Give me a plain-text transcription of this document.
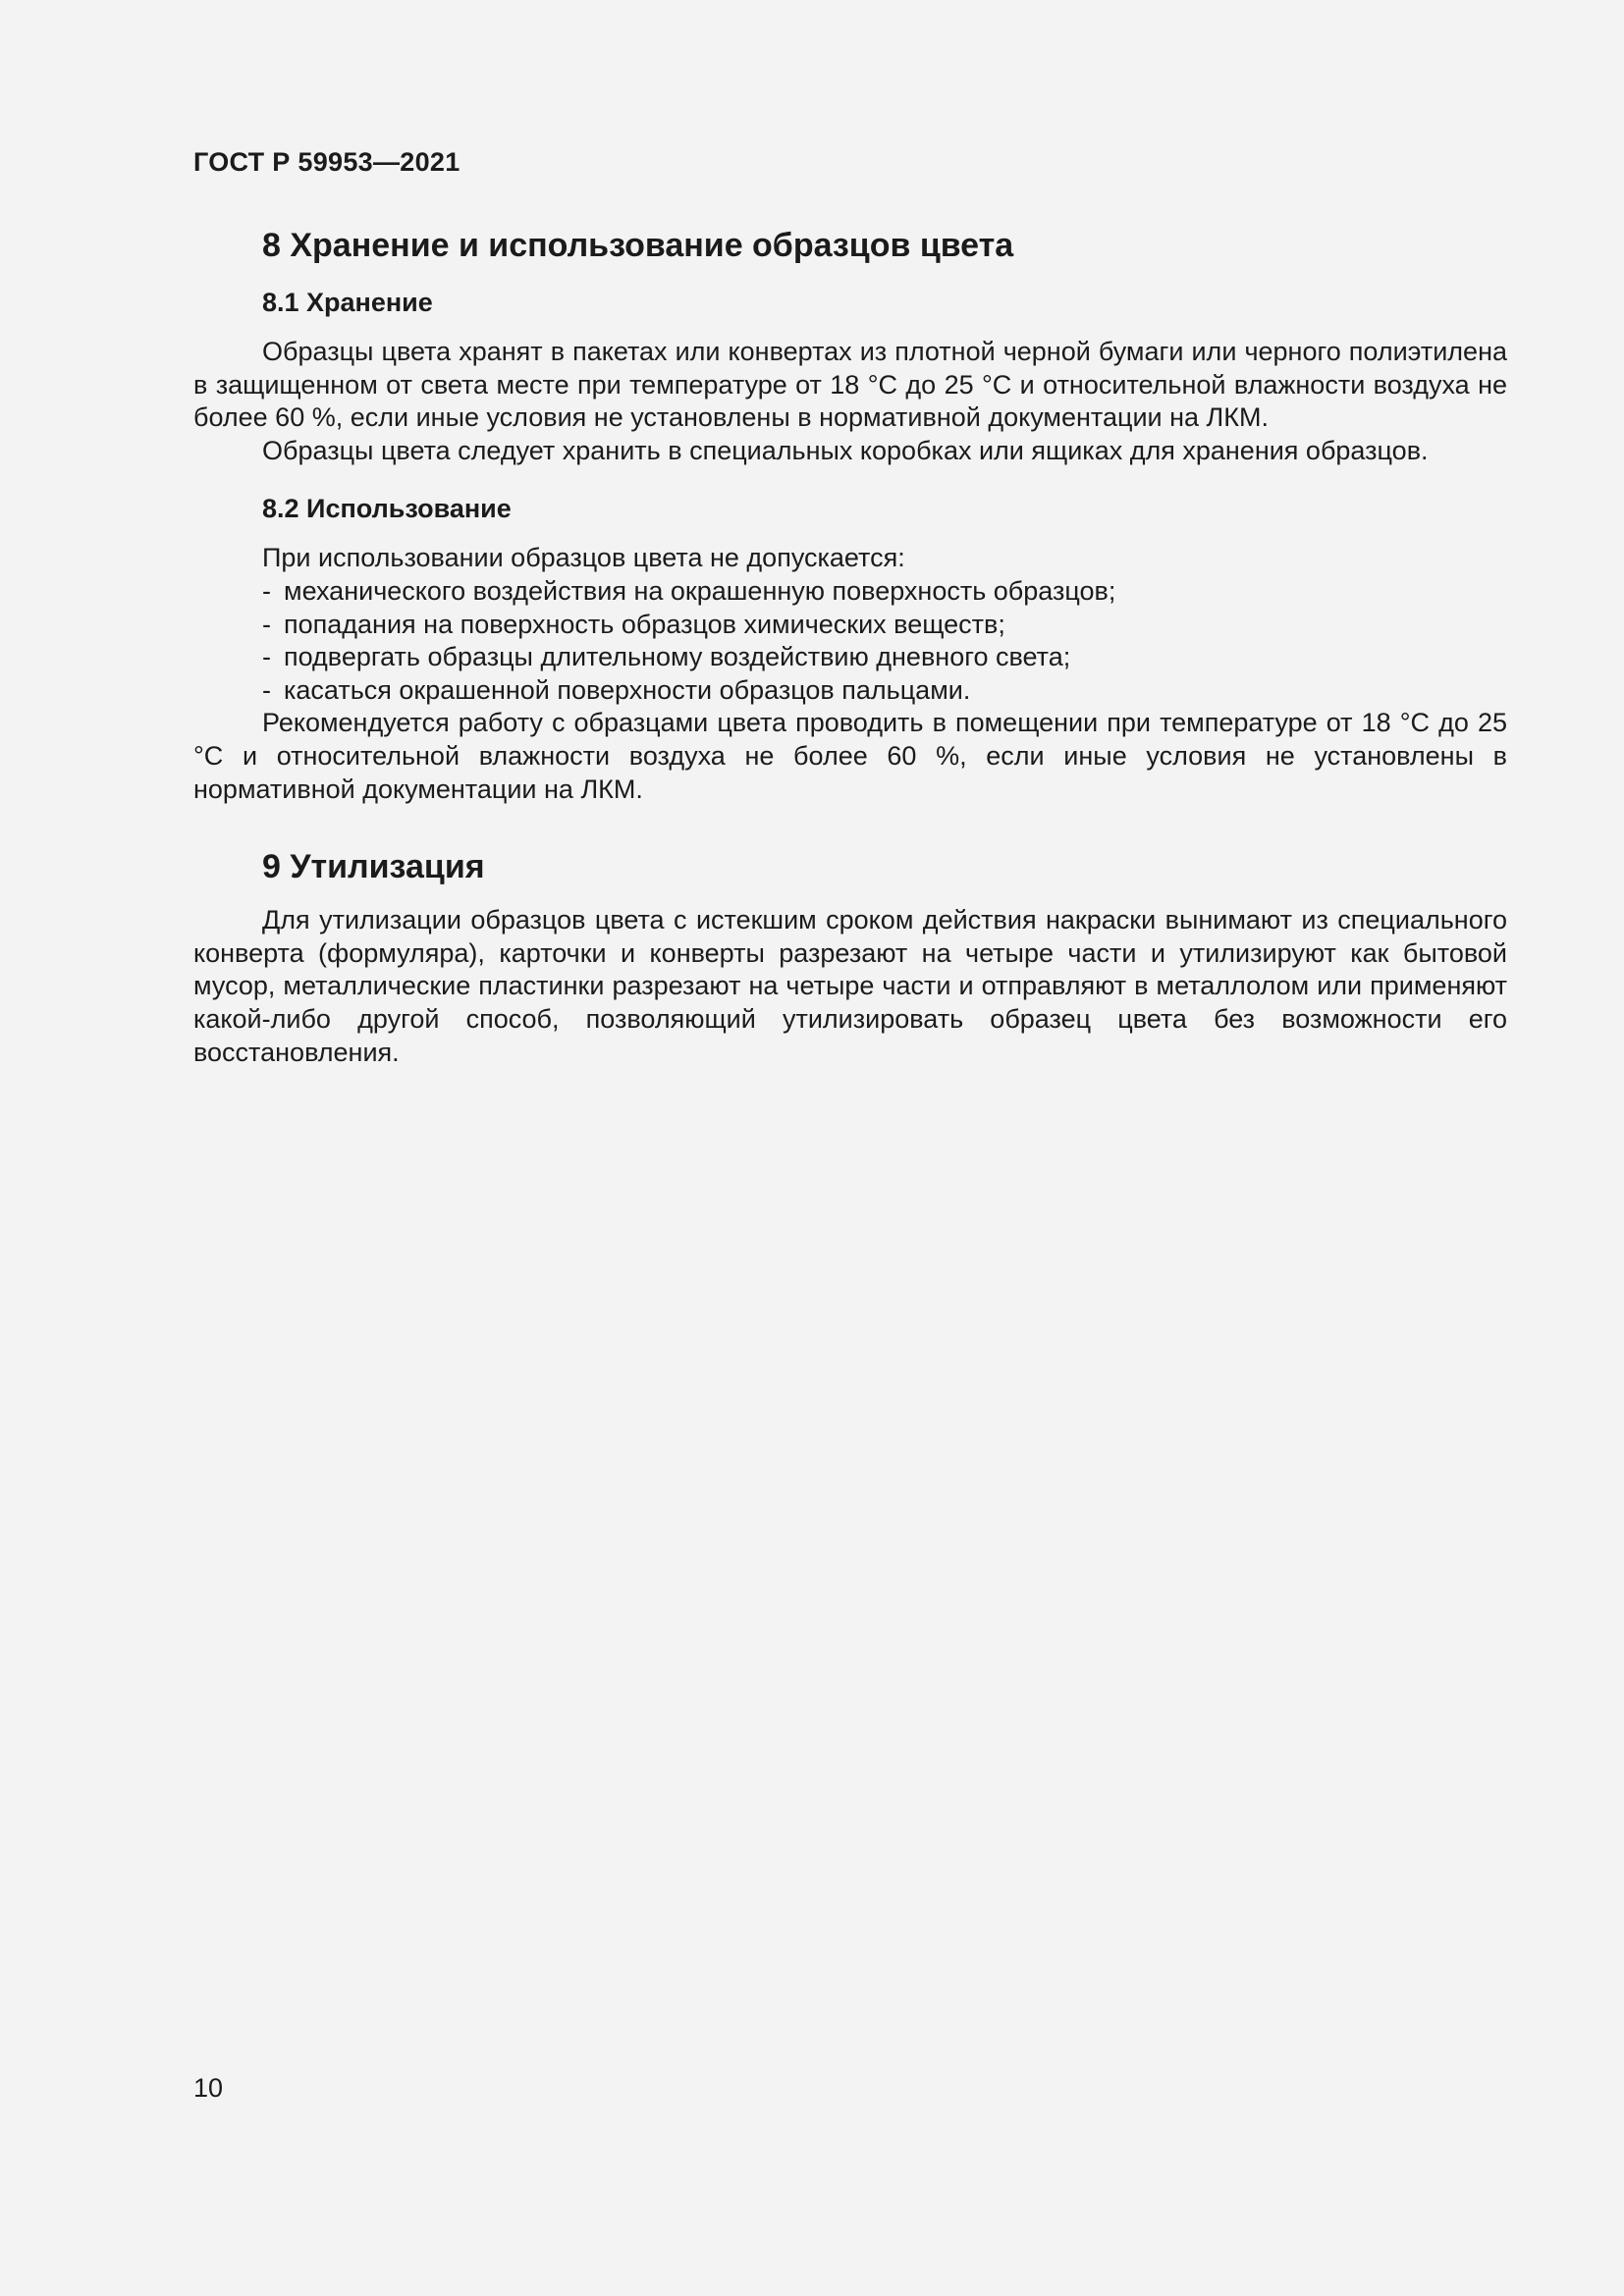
ГОСТ Р 59953—2021
8 Хранение и использование образцов цвета
8.1 Хранение

Образцы цвета хранят в пакетах или конвертах из плотной черной бумаги или черного полиэтилена в защищенном от света месте при температуре от 18 °С до 25 °С и относительной влажности воздуха не более 60 %, если иные условия не установлены в нормативной документации на ЛКМ.

Образцы цвета следует хранить в специальных коробках или ящиках для хранения образцов.

8.2 Использование

При использовании образцов цвета не допускается:

- механического воздействия на окрашенную поверхность образцов;
- попадания на поверхность образцов химических веществ;
- подвергать образцы длительному воздействию дневного света;
- касаться окрашенной поверхности образцов пальцами.

Рекомендуется работу с образцами цвета проводить в помещении при температуре от 18 °С до 25 °С и относительной влажности воздуха не более 60 %, если иные условия не установлены в нормативной документации на ЛКМ.

9 Утилизация

Для утилизации образцов цвета с истекшим сроком действия накраски вынимают из специального конверта (формуляра), карточки и конверты разрезают на четыре части и утилизируют как бытовой мусор, металлические пластинки разрезают на четыре части и отправляют в металлолом или применяют какой-либо другой способ, позволяющий утилизировать образец цвета без возможности его восстановления.

10
